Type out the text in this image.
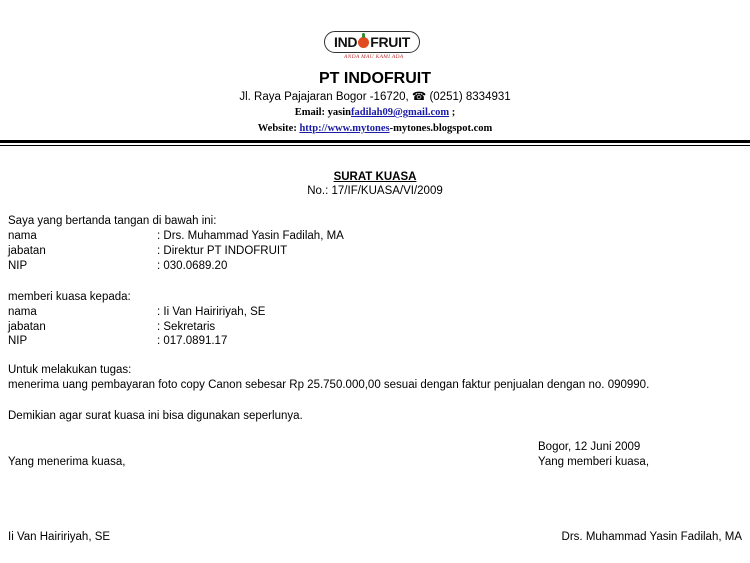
IND FRUIT
ANDA MAU KAMI ADA
PT INDOFRUIT
Jl. Raya Pajajaran Bogor -16720, ☎ (0251) 8334931
Email: yasinfadilah09@gmail.com ;
Website: http://www.mytones-mytones.blogspot.com
SURAT KUASA
No.: 17/IF/KUASA/VI/2009
Saya yang bertanda tangan di bawah ini:
nama	: Drs. Muhammad Yasin Fadilah, MA
jabatan	: Direktur PT INDOFRUIT
NIP	: 030.0689.20
memberi kuasa kepada:
nama	: Ii Van Haiririyah, SE
jabatan	: Sekretaris
NIP	: 017.0891.17
Untuk melakukan tugas:
menerima uang pembayaran foto copy Canon sebesar Rp 25.750.000,00 sesuai dengan faktur penjualan dengan no. 090990.
Demikian agar surat kuasa ini bisa digunakan seperlunya.
Bogor, 12 Juni 2009
Yang menerima kuasa,	Yang memberi kuasa,
Ii Van Haiririyah, SE	Drs. Muhammad Yasin Fadilah, MA
